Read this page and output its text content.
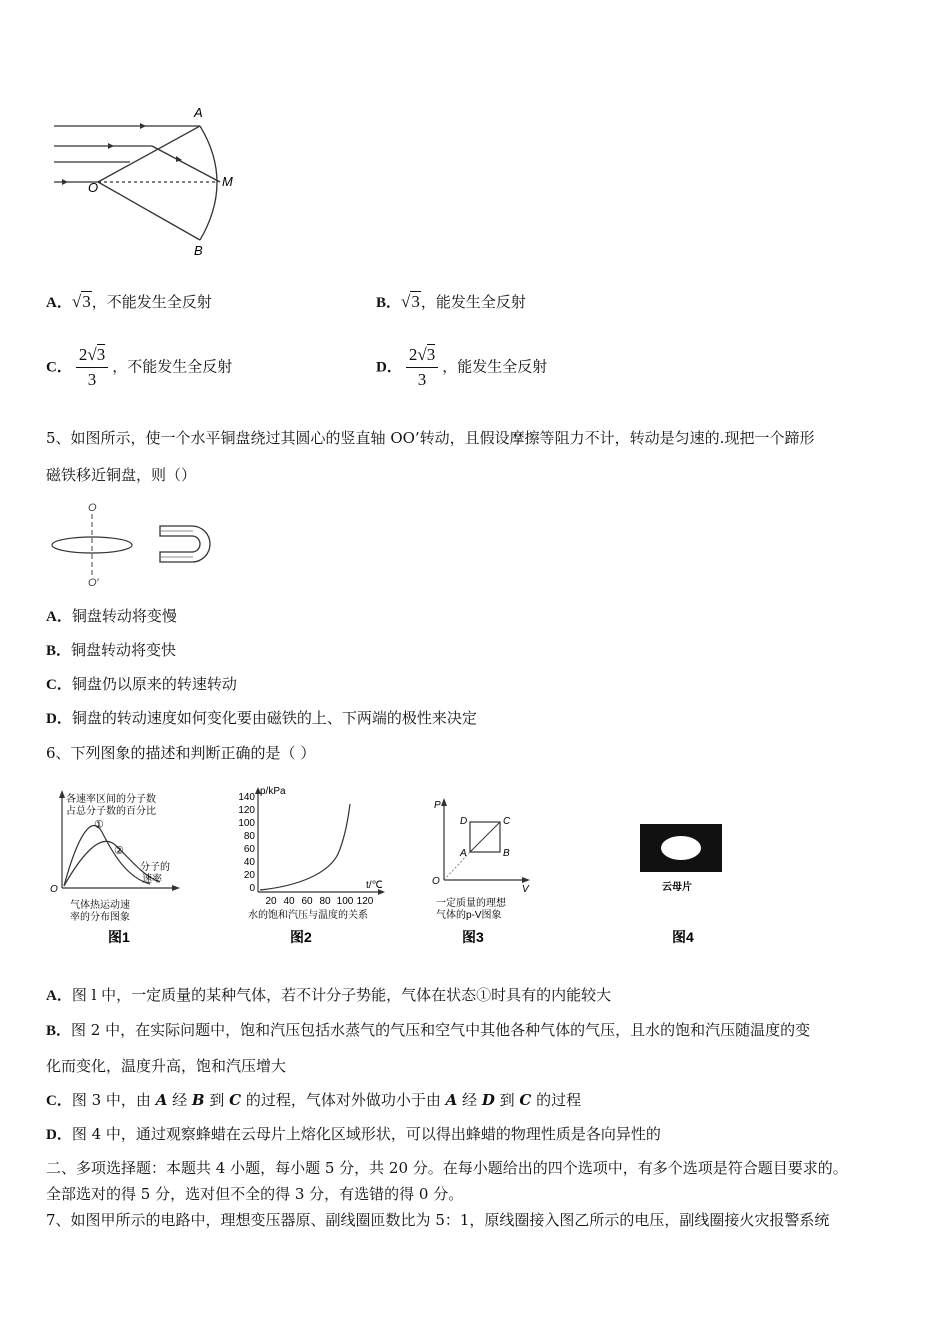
A
M
O
B
A．√3，不能发生全反射	B．√3，能发生全反射
C． $\frac{2√3}{3}$ ，不能发生全反射	D． $\frac{2√3}{3}$ ，能发生全反射
5、如图所示，使一个水平铜盘绕过其圆心的竖直轴 OO’转动，且假设摩擦等阻力不计，转动是匀速的.现把一个蹄形
磁铁移近铜盘，则（）
O
O′
A．铜盘转动将变慢
B．铜盘转动将变快
C．铜盘仍以原来的转速转动
D．铜盘的转动速度如何变化要由磁铁的上、下两端的极性来决定
6、下列图象的描述和判断正确的是（ ）
各速率区间的分子数
占总分子数的百分比
①
②
分子的
速率
O
气体热运动速
率的分布图象
图1
p/kPa
t/℃
140
120
100
80
60
40
20
0
20 40 60 80 100 120
水的饱和汽压与温度的关系
图2
P
V
O
A	B
C
D
一定质量的理想
气体的p-V图象
图3
云母片
图4
A．图 l 中，一定质量的某种气体，若不计分子势能，气体在状态①时具有的内能较大
B．图 2 中，在实际问题中，饱和汽压包括水蒸气的气压和空气中其他各种气体的气压，且水的饱和汽压随温度的变
化而变化，温度升高，饱和汽压增大
C．图 3 中，由 A 经 B 到 C 的过程，气体对外做功小于由 A 经 D 到 C 的过程
D．图 4 中，通过观察蜂蜡在云母片上熔化区域形状，可以得出蜂蜡的物理性质是各向异性的
二、多项选择题：本题共 4 小题，每小题 5 分，共 20 分。在每小题给出的四个选项中，有多个选项是符合题目要求的。
全部选对的得 5 分，选对但不全的得 3 分，有选错的得 0 分。
7、如图甲所示的电路中，理想变压器原、副线圈匝数比为 5：1，原线圈接入图乙所示的电压，副线圈接火灾报警系统
